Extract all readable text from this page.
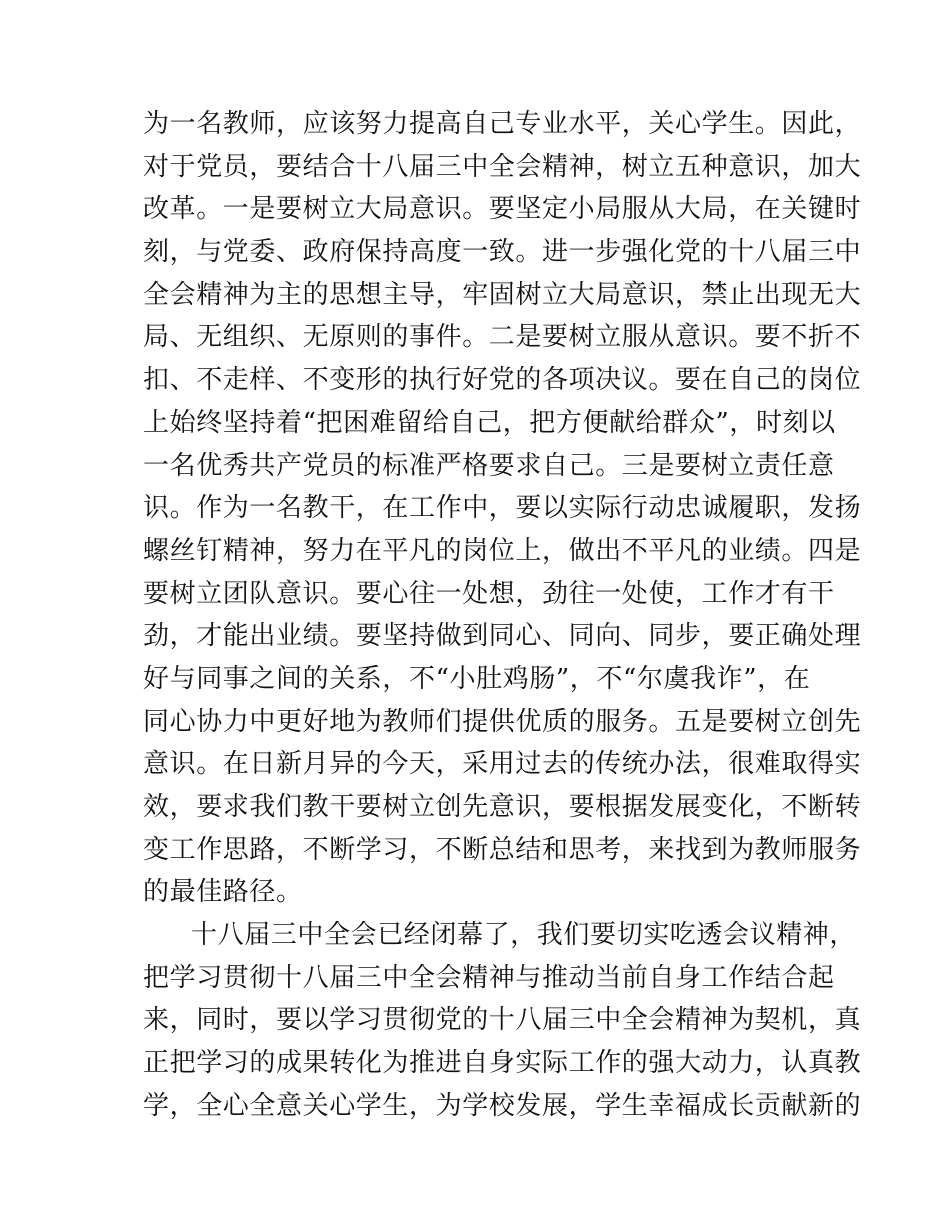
为一名教师，应该努力提高自己专业水平，关心学生。因此，
对于党员，要结合十八届三中全会精神，树立五种意识，加大
改革。一是要树立大局意识。要坚定小局服从大局，在关键时
刻，与党委、政府保持高度一致。进一步强化党的十八届三中
全会精神为主的思想主导，牢固树立大局意识，禁止出现无大
局、无组织、无原则的事件。二是要树立服从意识。要不折不
扣、不走样、不变形的执行好党的各项决议。要在自己的岗位
上始终坚持着“把困难留给自己，把方便献给群众”，时刻以
一名优秀共产党员的标准严格要求自己。三是要树立责任意
识。作为一名教干，在工作中，要以实际行动忠诚履职，发扬
螺丝钉精神，努力在平凡的岗位上，做出不平凡的业绩。四是
要树立团队意识。要心往一处想，劲往一处使，工作才有干
劲，才能出业绩。要坚持做到同心、同向、同步，要正确处理
好与同事之间的关系，不“小肚鸡肠”，不“尔虞我诈”，在
同心协力中更好地为教师们提供优质的服务。五是要树立创先
意识。在日新月异的今天，采用过去的传统办法，很难取得实
效，要求我们教干要树立创先意识，要根据发展变化，不断转
变工作思路，不断学习，不断总结和思考，来找到为教师服务
的最佳路径。
十八届三中全会已经闭幕了，我们要切实吃透会议精神，
把学习贯彻十八届三中全会精神与推动当前自身工作结合起
来，同时，要以学习贯彻党的十八届三中全会精神为契机，真
正把学习的成果转化为推进自身实际工作的强大动力，认真教
学，全心全意关心学生，为学校发展，学生幸福成长贡献新的
